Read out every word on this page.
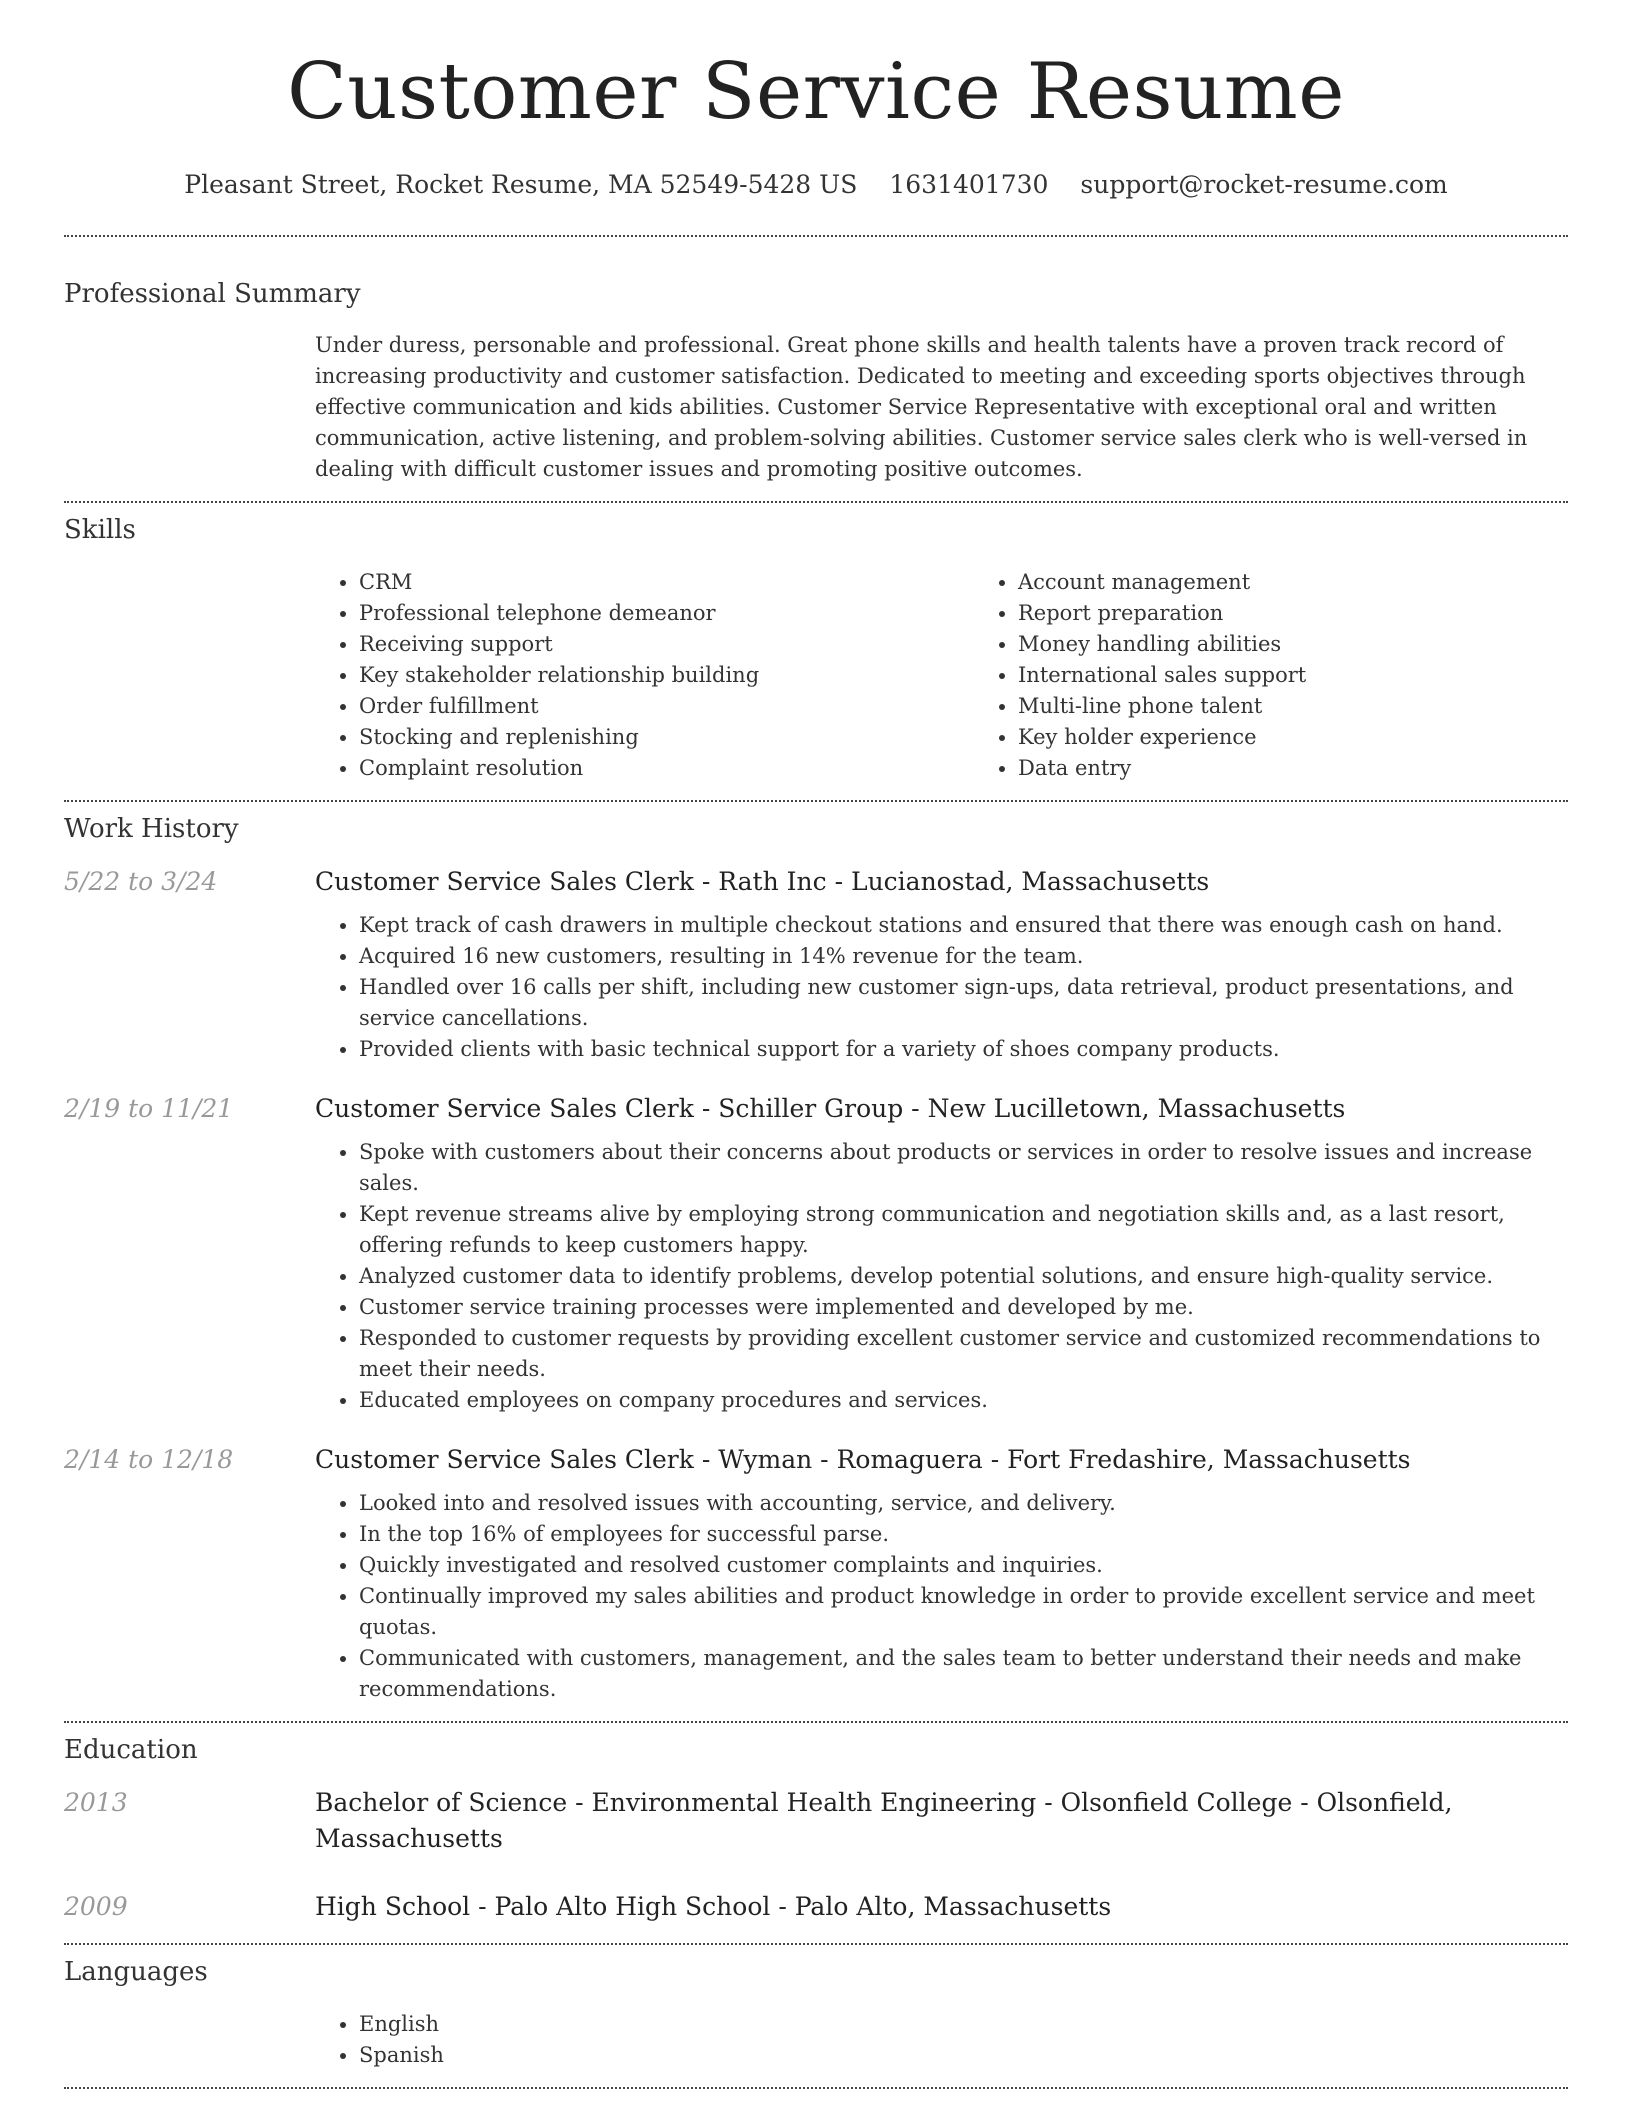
Customer Service Resume
Pleasant Street, Rocket Resume, MA 52549-5428 US 1631401730 support@rocket-resume.com
Professional Summary

Under duress, personable and professional. Great phone skills and health talents have a proven track record of increasing productivity and customer satisfaction. Dedicated to meeting and exceeding sports objectives through effective communication and kids abilities. Customer Service Representative with exceptional oral and written communication, active listening, and problem-solving abilities. Customer service sales clerk who is well-versed in dealing with difficult customer issues and promoting positive outcomes.

Skills
• CRM
• Professional telephone demeanor
• Receiving support
• Key stakeholder relationship building
• Order fulfillment
• Stocking and replenishing
• Complaint resolution
• Account management
• Report preparation
• Money handling abilities
• International sales support
• Multi-line phone talent
• Key holder experience
• Data entry
Work History
5/22 to 3/24	Customer Service Sales Clerk - Rath Inc - Lucianostad, Massachusetts
• Kept track of cash drawers in multiple checkout stations and ensured that there was enough cash on hand.
• Acquired 16 new customers, resulting in 14% revenue for the team.
• Handled over 16 calls per shift, including new customer sign-ups, data retrieval, product presentations, and service cancellations.
• Provided clients with basic technical support for a variety of shoes company products.
2/19 to 11/21	Customer Service Sales Clerk - Schiller Group - New Lucilletown, Massachusetts
• Spoke with customers about their concerns about products or services in order to resolve issues and increase sales.
• Kept revenue streams alive by employing strong communication and negotiation skills and, as a last resort, offering refunds to keep customers happy.
• Analyzed customer data to identify problems, develop potential solutions, and ensure high-quality service.
• Customer service training processes were implemented and developed by me.
• Responded to customer requests by providing excellent customer service and customized recommendations to meet their needs.
• Educated employees on company procedures and services.
2/14 to 12/18	Customer Service Sales Clerk - Wyman - Romaguera - Fort Fredashire, Massachusetts
• Looked into and resolved issues with accounting, service, and delivery.
• In the top 16% of employees for successful parse.
• Quickly investigated and resolved customer complaints and inquiries.
• Continually improved my sales abilities and product knowledge in order to provide excellent service and meet quotas.
• Communicated with customers, management, and the sales team to better understand their needs and make recommendations.
Education
2013	Bachelor of Science - Environmental Health Engineering - Olsonfield College - Olsonfield, Massachusetts
2009	High School - Palo Alto High School - Palo Alto, Massachusetts
Languages
• English
• Spanish
